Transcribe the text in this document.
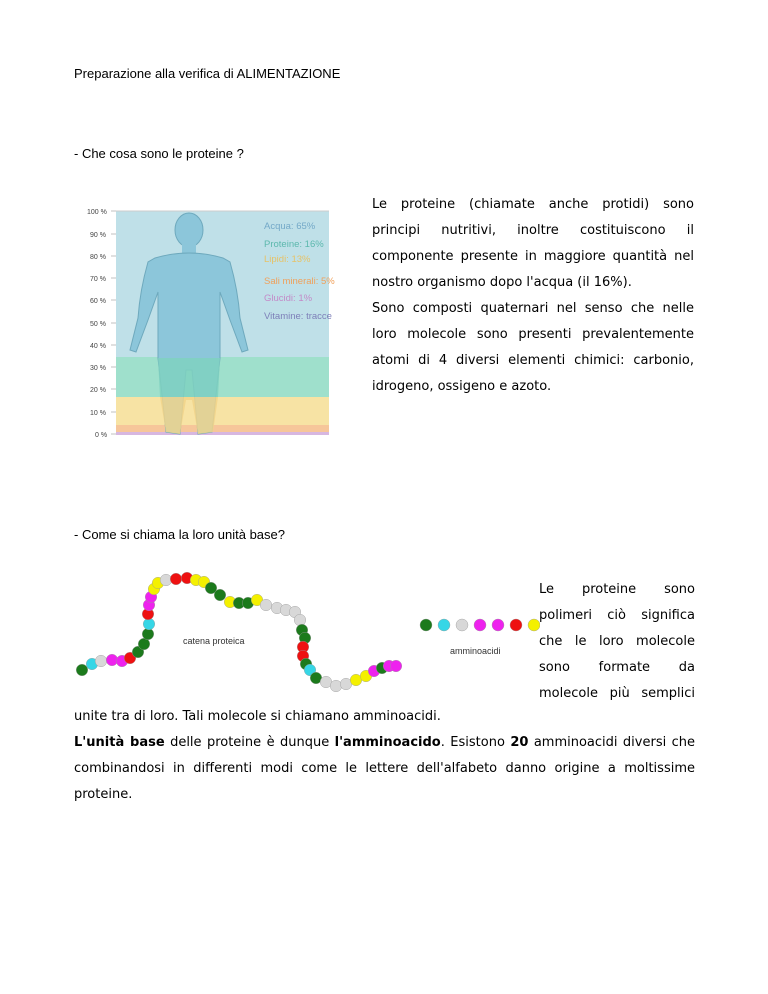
Preparazione alla verifica di ALIMENTAZIONE
- Che cosa sono le proteine ?
100 %
90 %
80 %
70 %
60 %
50 %
40 %
30 %
20 %
10 %
0 %
Acqua: 65%
Proteine: 16%
Lipidi: 13%
Sali minerali: 5%
Glucidi: 1%
Vitamine: tracce
Le proteine (chiamate anche protidi) sono
principi nutritivi, inoltre costituiscono il
componente presente in maggiore quantità nel
nostro organismo dopo l'acqua (il 16%).
Sono composti quaternari nel senso che nelle
loro molecole sono presenti prevalentemente
atomi di 4 diversi elementi chimici: carbonio,
idrogeno, ossigeno e azoto.
- Come si chiama la loro unità base?
catena proteica
amminoacidi
Le proteine sono
polimeri ciò significa
che le loro molecole
sono formate da
molecole più semplici
unite tra di loro. Tali molecole si chiamano amminoacidi.
L'unità base delle proteine è dunque l'amminoacido. Esistono 20 amminoacidi diversi che combinandosi in differenti modi come le lettere dell'alfabeto danno origine a moltissime proteine.
